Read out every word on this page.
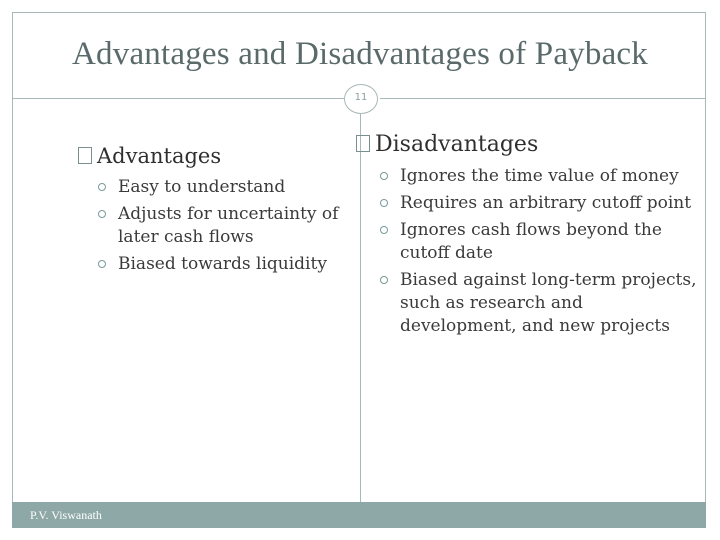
Advantages and Disadvantages of Payback
11
Advantages
Easy to understand
Adjusts for uncertainty of later cash flows
Biased towards liquidity
Disadvantages
Ignores the time value of money
Requires an arbitrary cutoff point
Ignores cash flows beyond the cutoff date
Biased against long-term projects, such as research and development, and new projects
P.V. Viswanath
